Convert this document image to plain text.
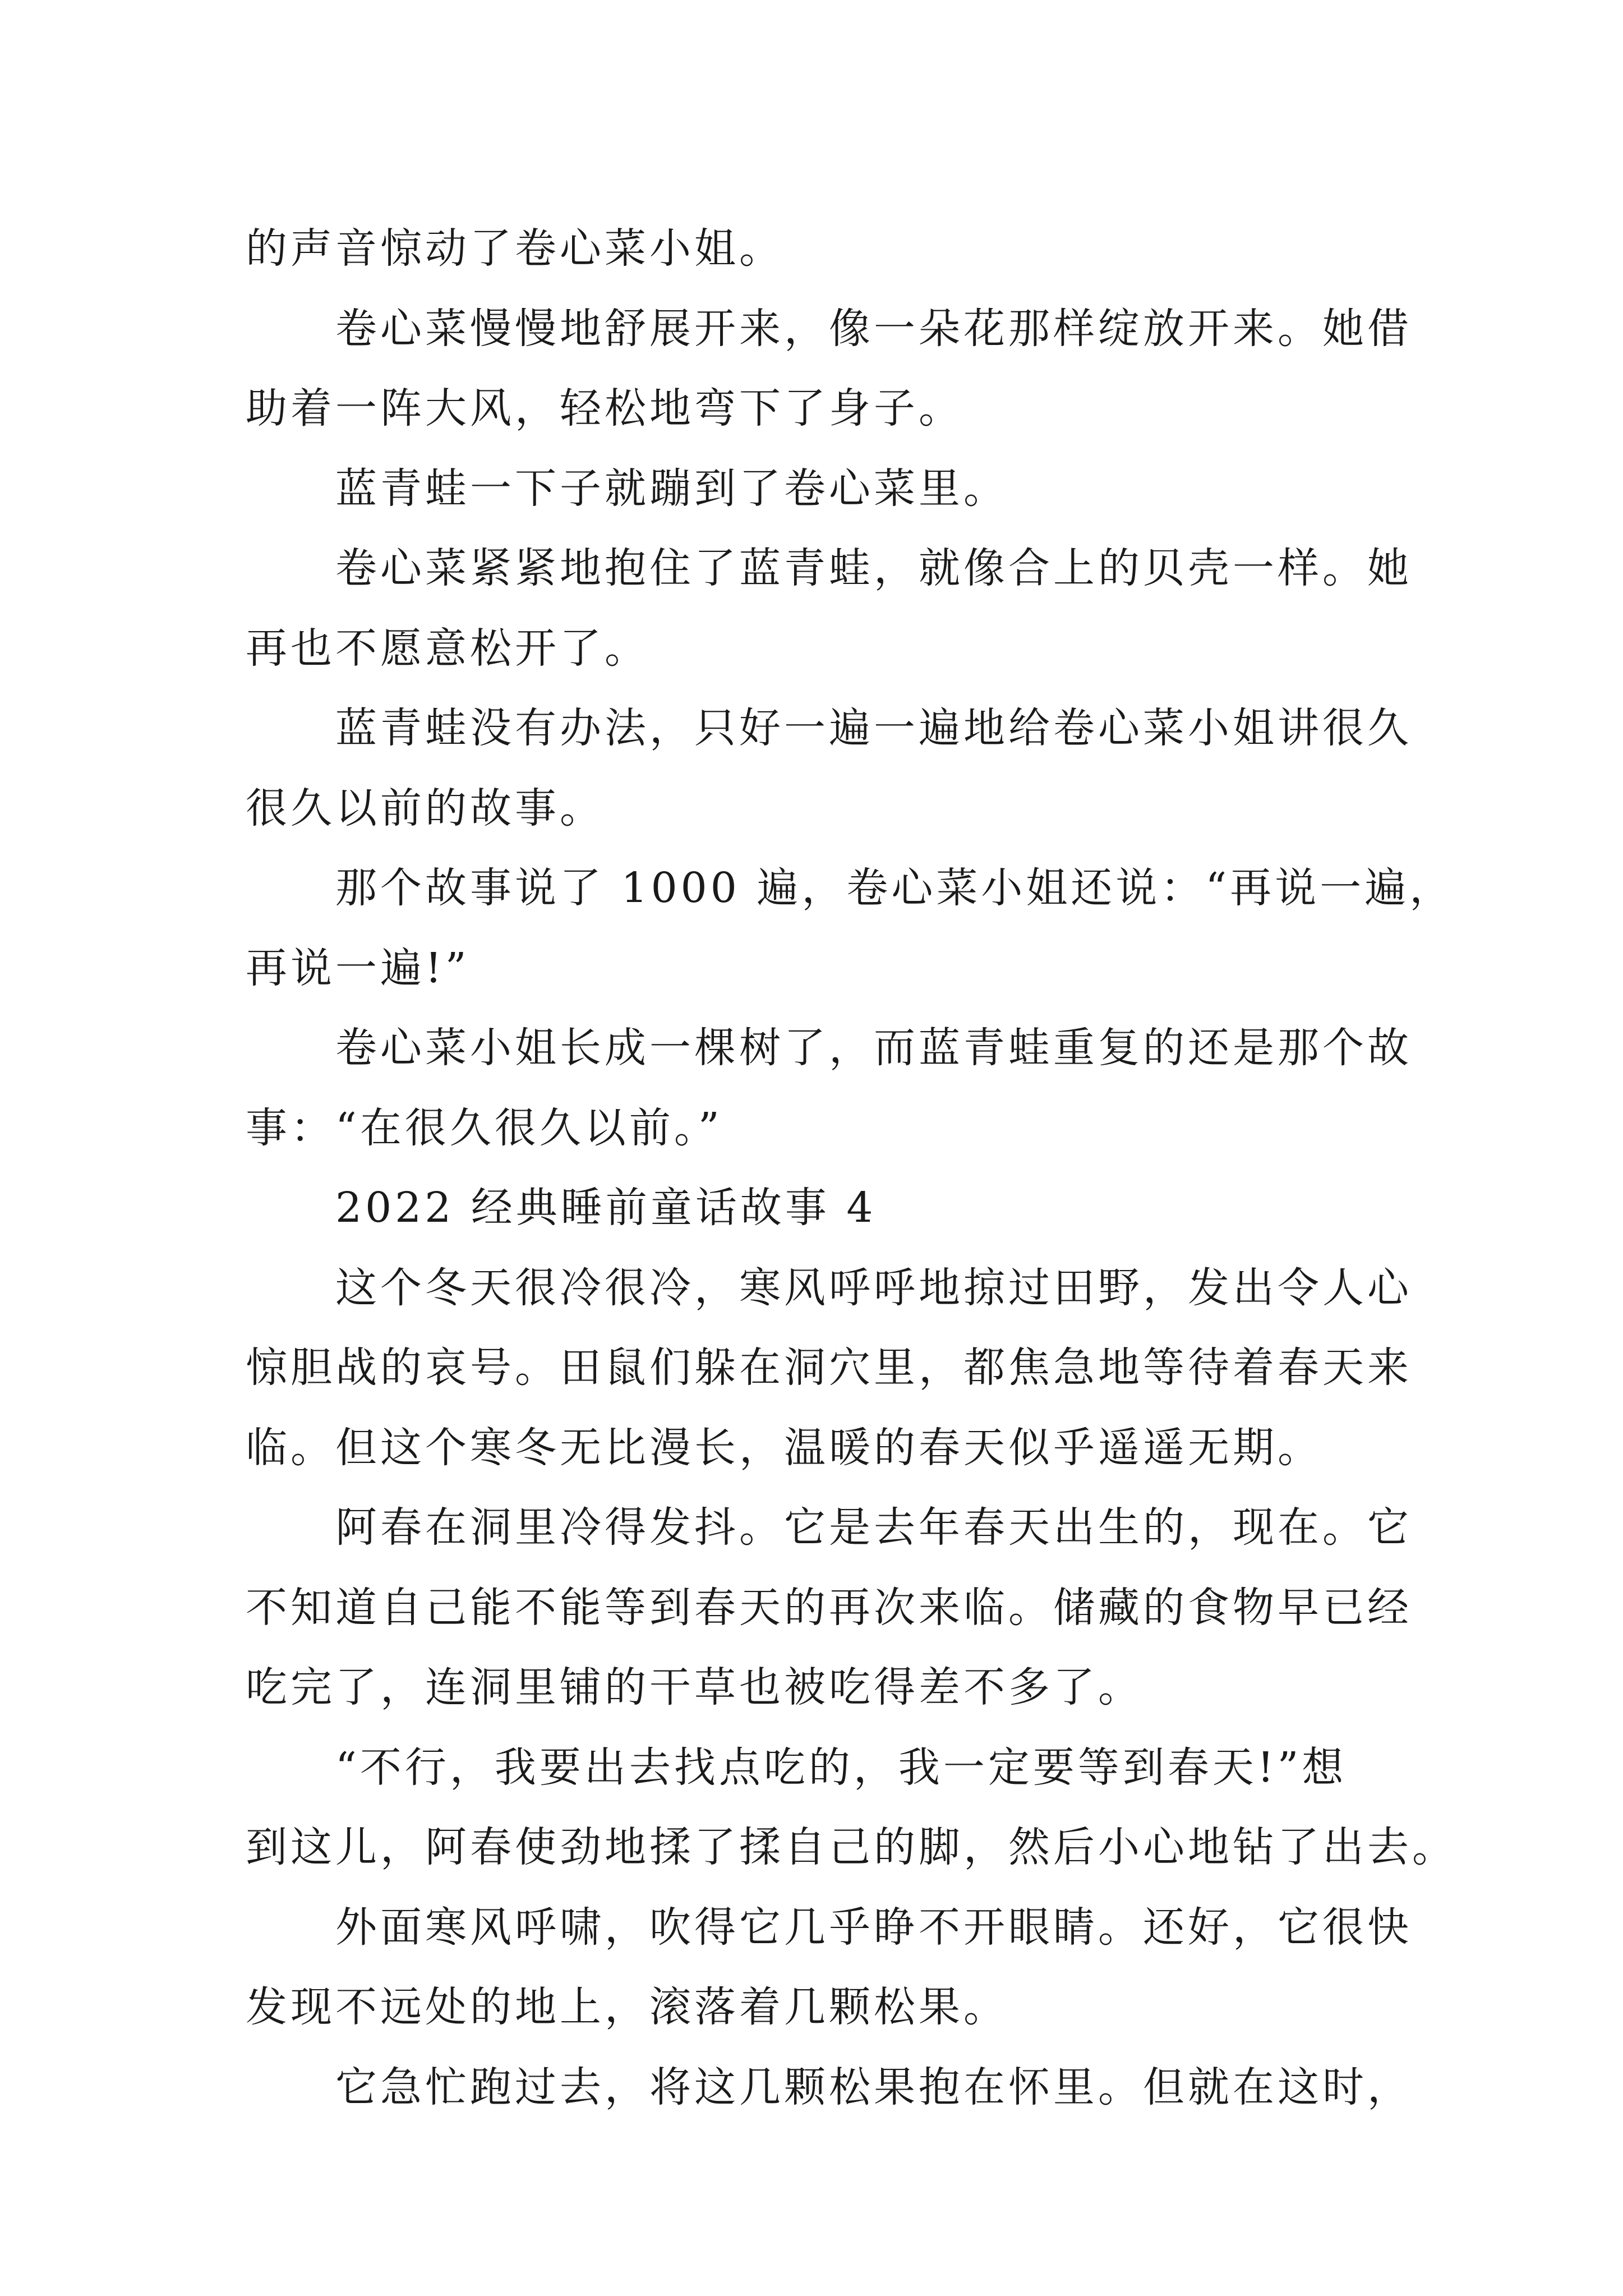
的声音惊动了卷心菜小姐。
卷心菜慢慢地舒展开来，像一朵花那样绽放开来。她借
助着一阵大风，轻松地弯下了身子。
蓝青蛙一下子就蹦到了卷心菜里。
卷心菜紧紧地抱住了蓝青蛙，就像合上的贝壳一样。她
再也不愿意松开了。
蓝青蛙没有办法，只好一遍一遍地给卷心菜小姐讲很久
很久以前的故事。
那个故事说了 1000 遍，卷心菜小姐还说：“再说一遍，
再说一遍!”
卷心菜小姐长成一棵树了，而蓝青蛙重复的还是那个故
事：“在很久很久以前。”
2022 经典睡前童话故事 4
这个冬天很冷很冷，寒风呼呼地掠过田野，发出令人心
惊胆战的哀号。田鼠们躲在洞穴里，都焦急地等待着春天来
临。但这个寒冬无比漫长，温暖的春天似乎遥遥无期。
阿春在洞里冷得发抖。它是去年春天出生的，现在。它
不知道自己能不能等到春天的再次来临。储藏的食物早已经
吃完了，连洞里铺的干草也被吃得差不多了。
“不行，我要出去找点吃的，我一定要等到春天!”想
到这儿，阿春使劲地揉了揉自己的脚，然后小心地钻了出去。
外面寒风呼啸，吹得它几乎睁不开眼睛。还好，它很快
发现不远处的地上，滚落着几颗松果。
它急忙跑过去，将这几颗松果抱在怀里。但就在这时，
